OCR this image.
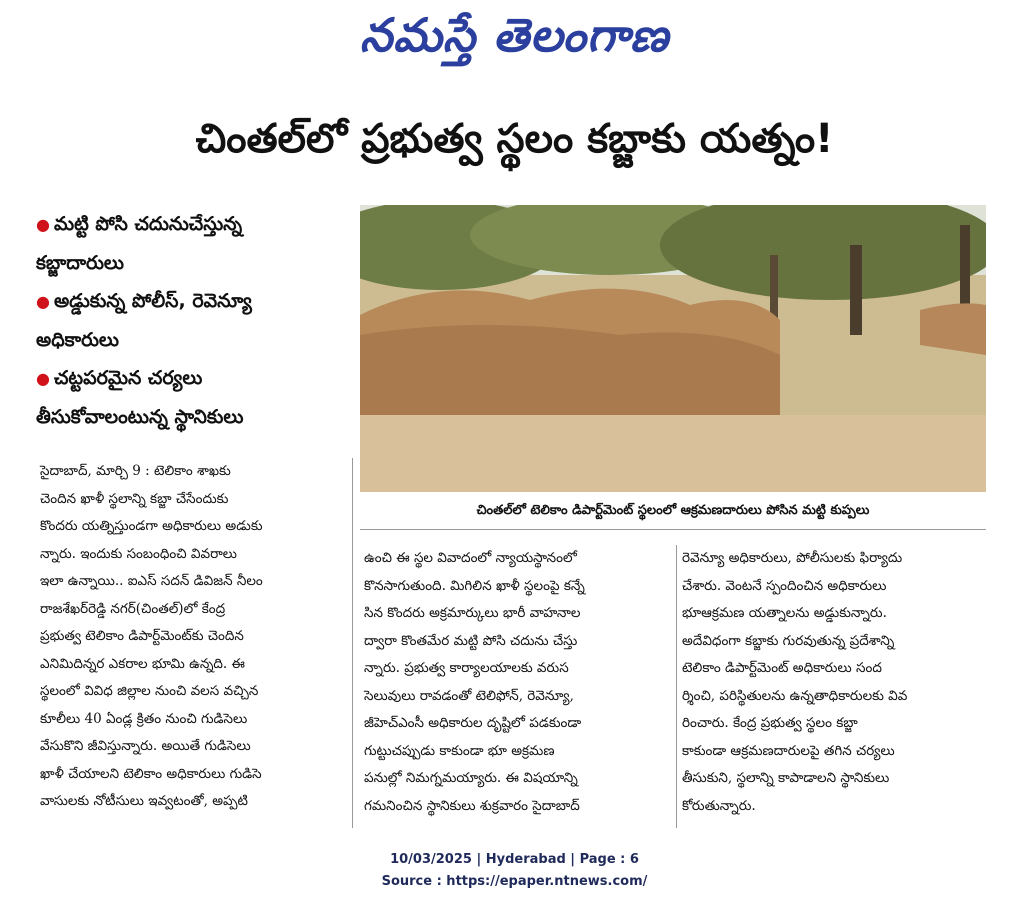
నమస్తే తెలంగాణ
చింతల్‌లో ప్రభుత్వ స్థలం కబ్జాకు యత్నం!
● మట్టి పోసి చదునుచేస్తున్న కబ్జాదారులు
● అడ్డుకున్న పోలీస్‌, రెవెన్యూ అధికారులు
● చట్టపరమైన చర్యలు తీసుకోవాలంటున్న స్థానికులు
చింతల్‌లో టెలికాం డిపార్ట్‌మెంట్‌ స్థలంలో ఆక్రమణదారులు పోసిన మట్టి కుప్పలు
సైదాబాద్‌, మార్చి 9 : టెలికాం శాఖకు
చెందిన ఖాళీ స్థలాన్ని కబ్జా చేసేందుకు
కొందరు యత్నిస్తుండగా అధికారులు అడుకు
న్నారు. ఇందుకు సంబంధించి వివరాలు
ఇలా ఉన్నాయి.. ఐఎస్‌ సదన్‌ డివిజన్‌ నీలం
రాజశేఖర్‌రెడ్డి నగర్‌(చింతల్‌)లో కేంద్ర
ప్రభుత్వ టెలికాం డిపార్ట్‌మెంట్‌కు చెందిన
ఎనిమిదిన్నర ఎకరాల భూమి ఉన్నది. ఈ
స్థలంలో వివిధ జిల్లాల నుంచి వలస వచ్చిన
కూలీలు 40 ఏండ్ల క్రితం నుంచి గుడిసెలు
వేసుకొని జీవిస్తున్నారు. అయితే గుడిసెలు
ఖాళీ చేయాలని టెలికాం అధికారులు గుడిసె
వాసులకు నోటీసులు ఇవ్వటంతో, అప్పటి
ఉంచి ఈ స్థల వివాదంలో న్యాయస్థానంలో
కొనసాగుతుంది. మిగిలిన ఖాళీ స్థలంపై కన్నే
సిన కొందరు అక్రమార్కులు భారీ వాహనాల
ద్వారా కొంతమేర మట్టి పోసి చదును చేస్తు
న్నారు. ప్రభుత్వ కార్యాలయాలకు వరుస
సెలువులు రావడంతో టెలిఫోన్‌, రెవెన్యూ,
జీహెచ్‌ఎంసీ అధికారుల దృష్టిలో పడకుండా
గుట్టుచప్పుడు కాకుండా భూ అక్రమణ
పనుల్లో నిమగ్నమయ్యారు. ఈ విషయాన్ని
గమనించిన స్థానికులు శుక్రవారం సైదాబాద్‌
రెవెన్యూ అధికారులు, పోలీసులకు ఫిర్యాదు
చేశారు. వెంటనే స్పందించిన అధికారులు
భూఆక్రమణ యత్నాలను అడ్డుకున్నారు.
అదేవిధంగా కబ్జాకు గురవుతున్న ప్రదేశాన్ని
టెలికాం డిపార్ట్‌మెంట్‌ అధికారులు సంద
ర్శించి, పరిస్థితులను ఉన్నతాధికారులకు వివ
రించారు. కేంద్ర ప్రభుత్వ స్థలం కబ్జా
కాకుండా ఆక్రమణదారులపై తగిన చర్యలు
తీసుకుని, స్థలాన్ని కాపాడాలని స్థానికులు
కోరుతున్నారు.
10/03/2025 | Hyderabad | Page : 6
Source : https://epaper.ntnews.com/
